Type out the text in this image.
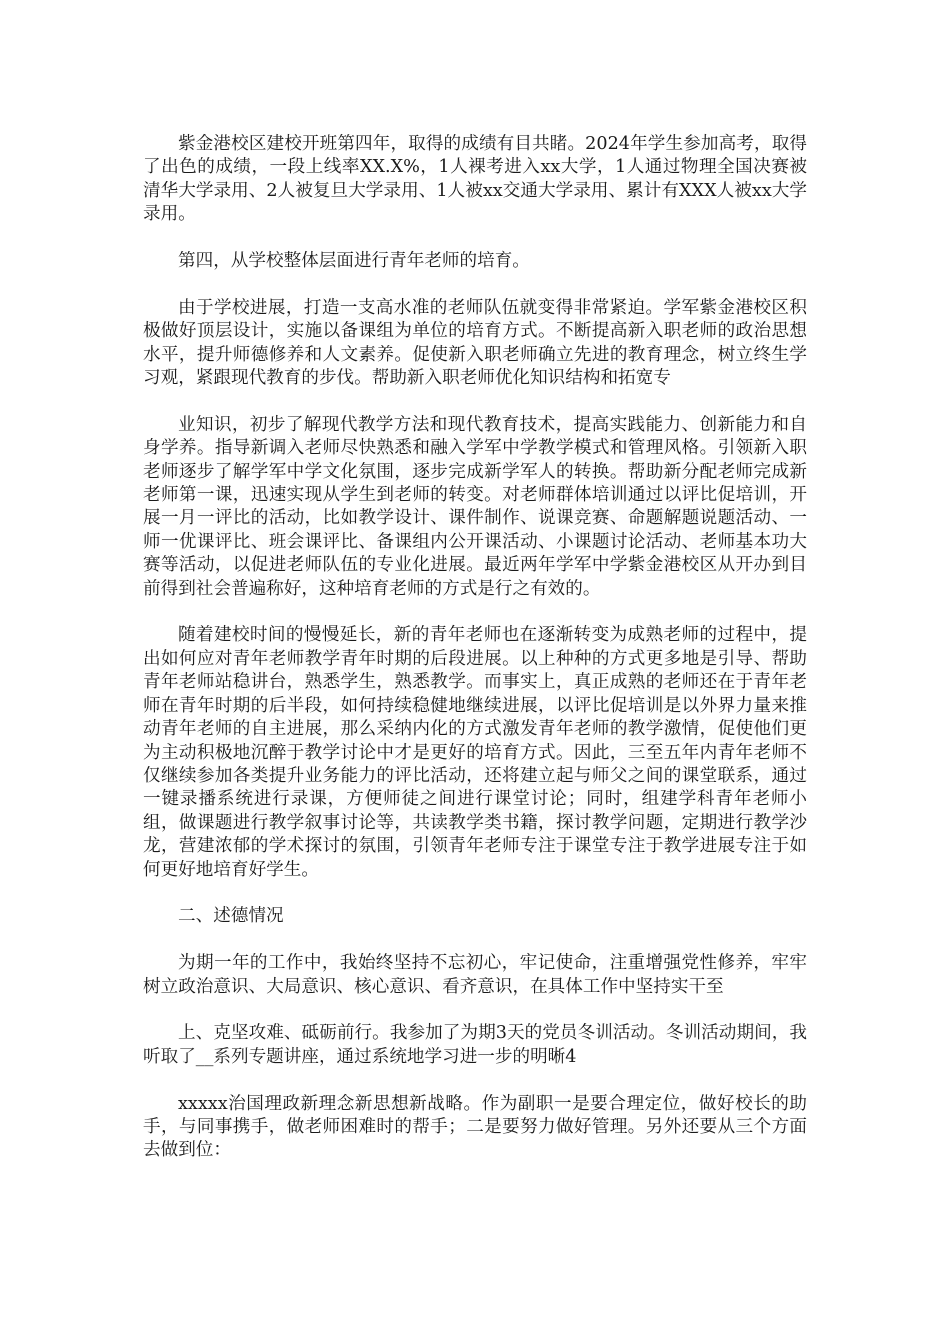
紫金港校区建校开班第四年，取得的成绩有目共睹。2024年学生参加高考，取得了出色的成绩，一段上线率XX.X%，1人裸考进入xx大学，1人通过物理全国决赛被清华大学录用、2人被复旦大学录用、1人被xx交通大学录用、累计有XXX人被xx大学录用。

第四，从学校整体层面进行青年老师的培育。

由于学校进展，打造一支高水准的老师队伍就变得非常紧迫。学军紫金港校区积极做好顶层设计，实施以备课组为单位的培育方式。不断提高新入职老师的政治思想水平，提升师德修养和人文素养。促使新入职老师确立先进的教育理念，树立终生学习观，紧跟现代教育的步伐。帮助新入职老师优化知识结构和拓宽专

业知识，初步了解现代教学方法和现代教育技术，提高实践能力、创新能力和自身学养。指导新调入老师尽快熟悉和融入学军中学教学模式和管理风格。引领新入职老师逐步了解学军中学文化氛围，逐步完成新学军人的转换。帮助新分配老师完成新老师第一课，迅速实现从学生到老师的转变。对老师群体培训通过以评比促培训，开展一月一评比的活动，比如教学设计、课件制作、说课竞赛、命题解题说题活动、一师一优课评比、班会课评比、备课组内公开课活动、小课题讨论活动、老师基本功大赛等活动，以促进老师队伍的专业化进展。最近两年学军中学紫金港校区从开办到目前得到社会普遍称好，这种培育老师的方式是行之有效的。

随着建校时间的慢慢延长，新的青年老师也在逐渐转变为成熟老师的过程中，提出如何应对青年老师教学青年时期的后段进展。以上种种的方式更多地是引导、帮助青年老师站稳讲台，熟悉学生，熟悉教学。而事实上，真正成熟的老师还在于青年老师在青年时期的后半段，如何持续稳健地继续进展，以评比促培训是以外界力量来推动青年老师的自主进展，那么采纳内化的方式激发青年老师的教学激情，促使他们更为主动积极地沉醉于教学讨论中才是更好的培育方式。因此，三至五年内青年老师不仅继续参加各类提升业务能力的评比活动，还将建立起与师父之间的课堂联系，通过一键录播系统进行录课，方便师徒之间进行课堂讨论；同时，组建学科青年老师小组，做课题进行教学叙事讨论等，共读教学类书籍，探讨教学问题，定期进行教学沙龙，营建浓郁的学术探讨的氛围，引领青年老师专注于课堂专注于教学进展专注于如何更好地培育好学生。

二、述德情况

为期一年的工作中，我始终坚持不忘初心，牢记使命，注重增强党性修养，牢牢树立政治意识、大局意识、核心意识、看齐意识，在具体工作中坚持实干至

上、克坚攻难、砥砺前行。我参加了为期3天的党员冬训活动。冬训活动期间，我听取了__系列专题讲座，通过系统地学习进一步的明晰4

xxxxx治国理政新理念新思想新战略。作为副职一是要合理定位，做好校长的助手，与同事携手，做老师困难时的帮手；二是要努力做好管理。另外还要从三个方面去做到位：
